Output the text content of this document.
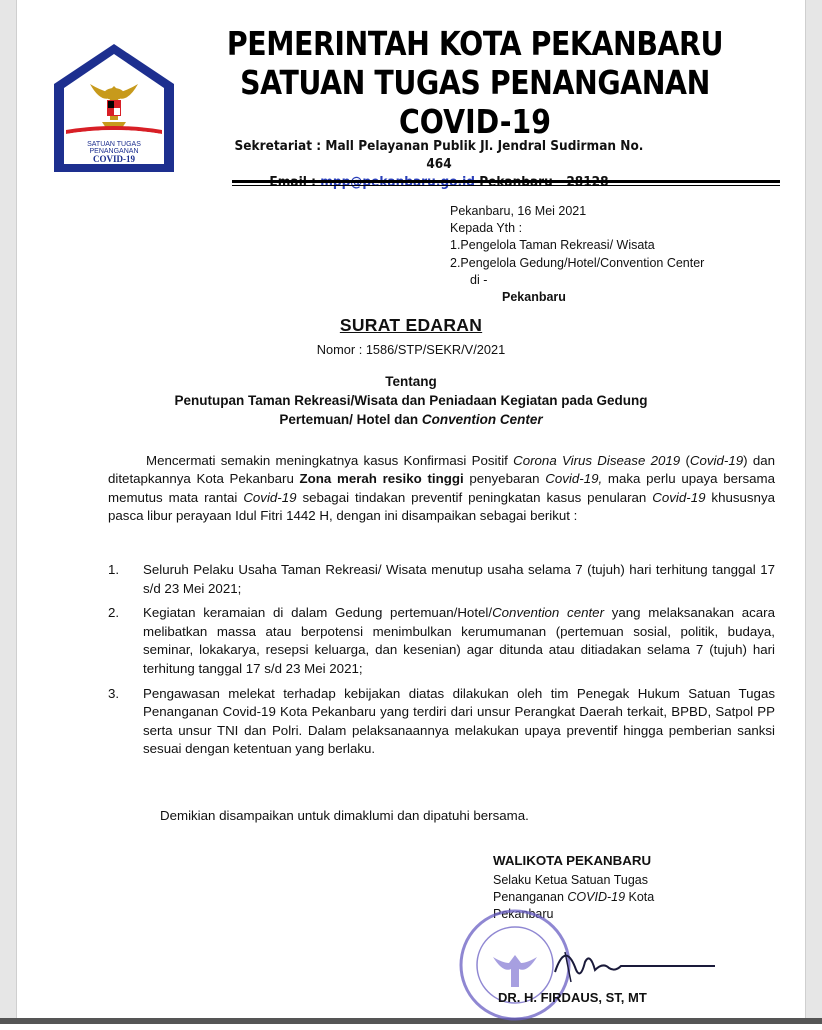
SATUAN TUGAS
PENANGANAN
COVID-19
PEMERINTAH KOTA PEKANBARU
SATUAN TUGAS PENANGANAN
COVID-19
Sekretariat : Mall Pelayanan Publik Jl. Jendral Sudirman No. 464
Pekanbaru, 16 Mei 2021
Kepada Yth :
1.Pengelola Taman Rekreasi/ Wisata
2.Pengelola Gedung/Hotel/Convention Center
di -
Pekanbaru
SURAT EDARAN
Nomor : 1586/STP/SEKR/V/2021
Tentang
Penutupan Taman Rekreasi/Wisata dan Peniadaan Kegiatan pada Gedung
Pertemuan/ Hotel dan Convention Center

Mencermati semakin meningkatnya kasus Konfirmasi Positif Corona Virus Disease 2019 (Covid-19) dan ditetapkannya Kota Pekanbaru Zona merah resiko tinggi penyebaran Covid-19, maka perlu upaya bersama memutus mata rantai Covid-19 sebagai tindakan preventif peningkatan kasus penularan Covid-19 khususnya pasca libur perayaan Idul Fitri 1442 H, dengan ini disampaikan sebagai berikut :

1. Seluruh Pelaku Usaha Taman Rekreasi/ Wisata menutup usaha selama 7 (tujuh) hari terhitung tanggal 17 s/d 23 Mei 2021;
2. Kegiatan keramaian di dalam Gedung pertemuan/Hotel/Convention center yang melaksanakan acara melibatkan massa atau berpotensi menimbulkan kerumumanan (pertemuan sosial, politik, budaya, seminar, lokakarya, resepsi keluarga, dan kesenian) agar ditunda atau ditiadakan selama 7 (tujuh) hari terhitung tanggal 17 s/d 23 Mei 2021;
3. Pengawasan melekat terhadap kebijakan diatas dilakukan oleh tim Penegak Hukum Satuan Tugas Penanganan Covid-19 Kota Pekanbaru yang terdiri dari unsur Perangkat Daerah terkait, BPBD, Satpol PP serta unsur TNI dan Polri. Dalam pelaksanaannya melakukan upaya preventif hingga pemberian sanksi sesuai dengan ketentuan yang berlaku.
Demikian disampaikan untuk dimaklumi dan dipatuhi bersama.
WALIKOTA PEKANBARU
Selaku Ketua Satuan Tugas
Penanganan COVID-19 Kota
Pekanbaru
DR. H. FIRDAUS, ST, MT
